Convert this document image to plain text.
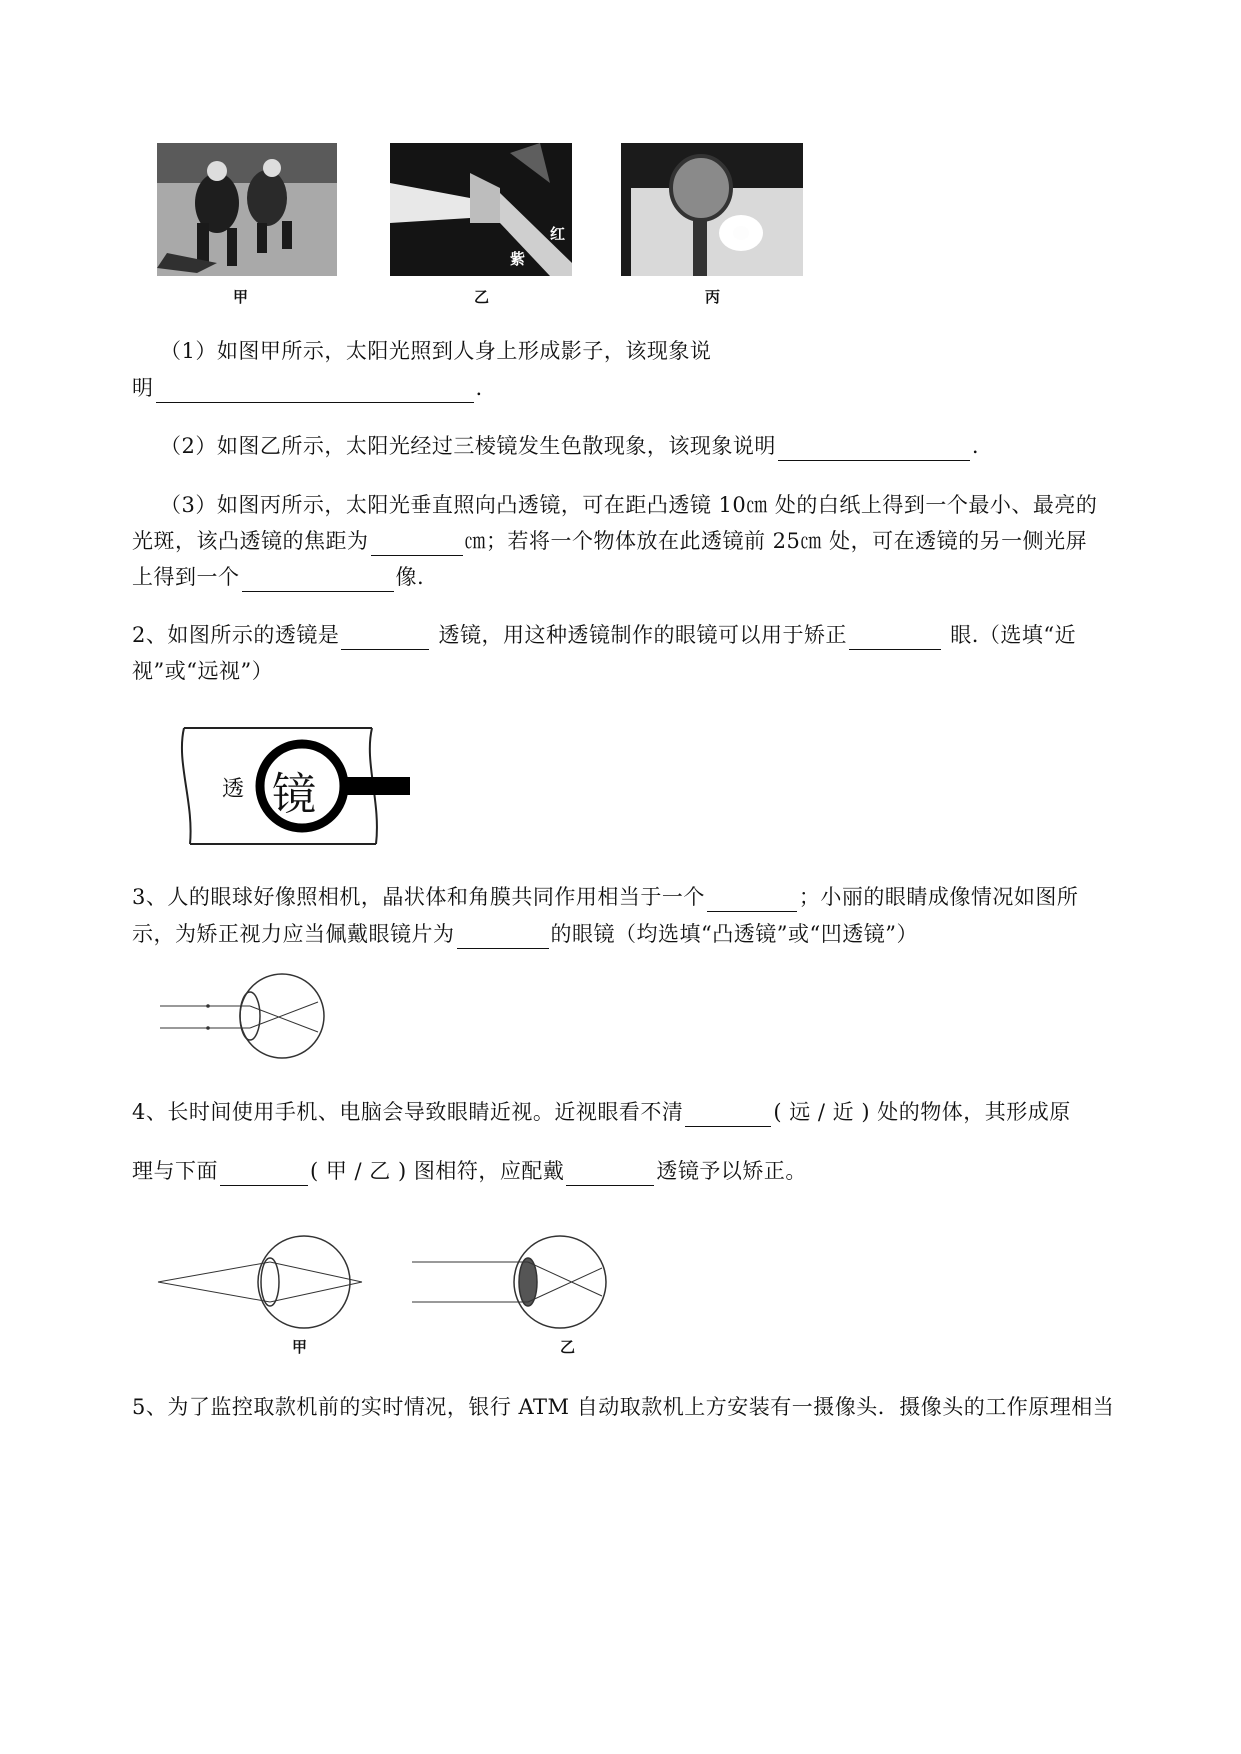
红
紫
甲	乙	丙
（1）如图甲所示，太阳光照到人身上形成影子，该现象说
明	.
（2）如图乙所示，太阳光经过三棱镜发生色散现象，该现象说明	.
（3）如图丙所示，太阳光垂直照向凸透镜，可在距凸透镜 10㎝ 处的白纸上得到一个最小、最亮的
光斑，该凸透镜的焦距为	㎝；若将一个物体放在此透镜前 25㎝ 处，可在透镜的另一侧光屏
上得到一个	像.
2、如图所示的透镜是	透镜，用这种透镜制作的眼镜可以用于矫正	眼.（选填“近
视”或“远视”）
透 镜
3、人的眼球好像照相机，晶状体和角膜共同作用相当于一个	；小丽的眼睛成像情况如图所
示，为矫正视力应当佩戴眼镜片为	的眼镜（均选填“凸透镜”或“凹透镜”）
4、长时间使用手机、电脑会导致眼睛近视。近视眼看不清	( 远 / 近 ) 处的物体，其形成原
理与下面	( 甲 / 乙 ) 图相符，应配戴	透镜予以矫正。
甲	乙
5、为了监控取款机前的实时情况，银行 ATM 自动取款机上方安装有一摄像头．摄像头的工作原理相当
